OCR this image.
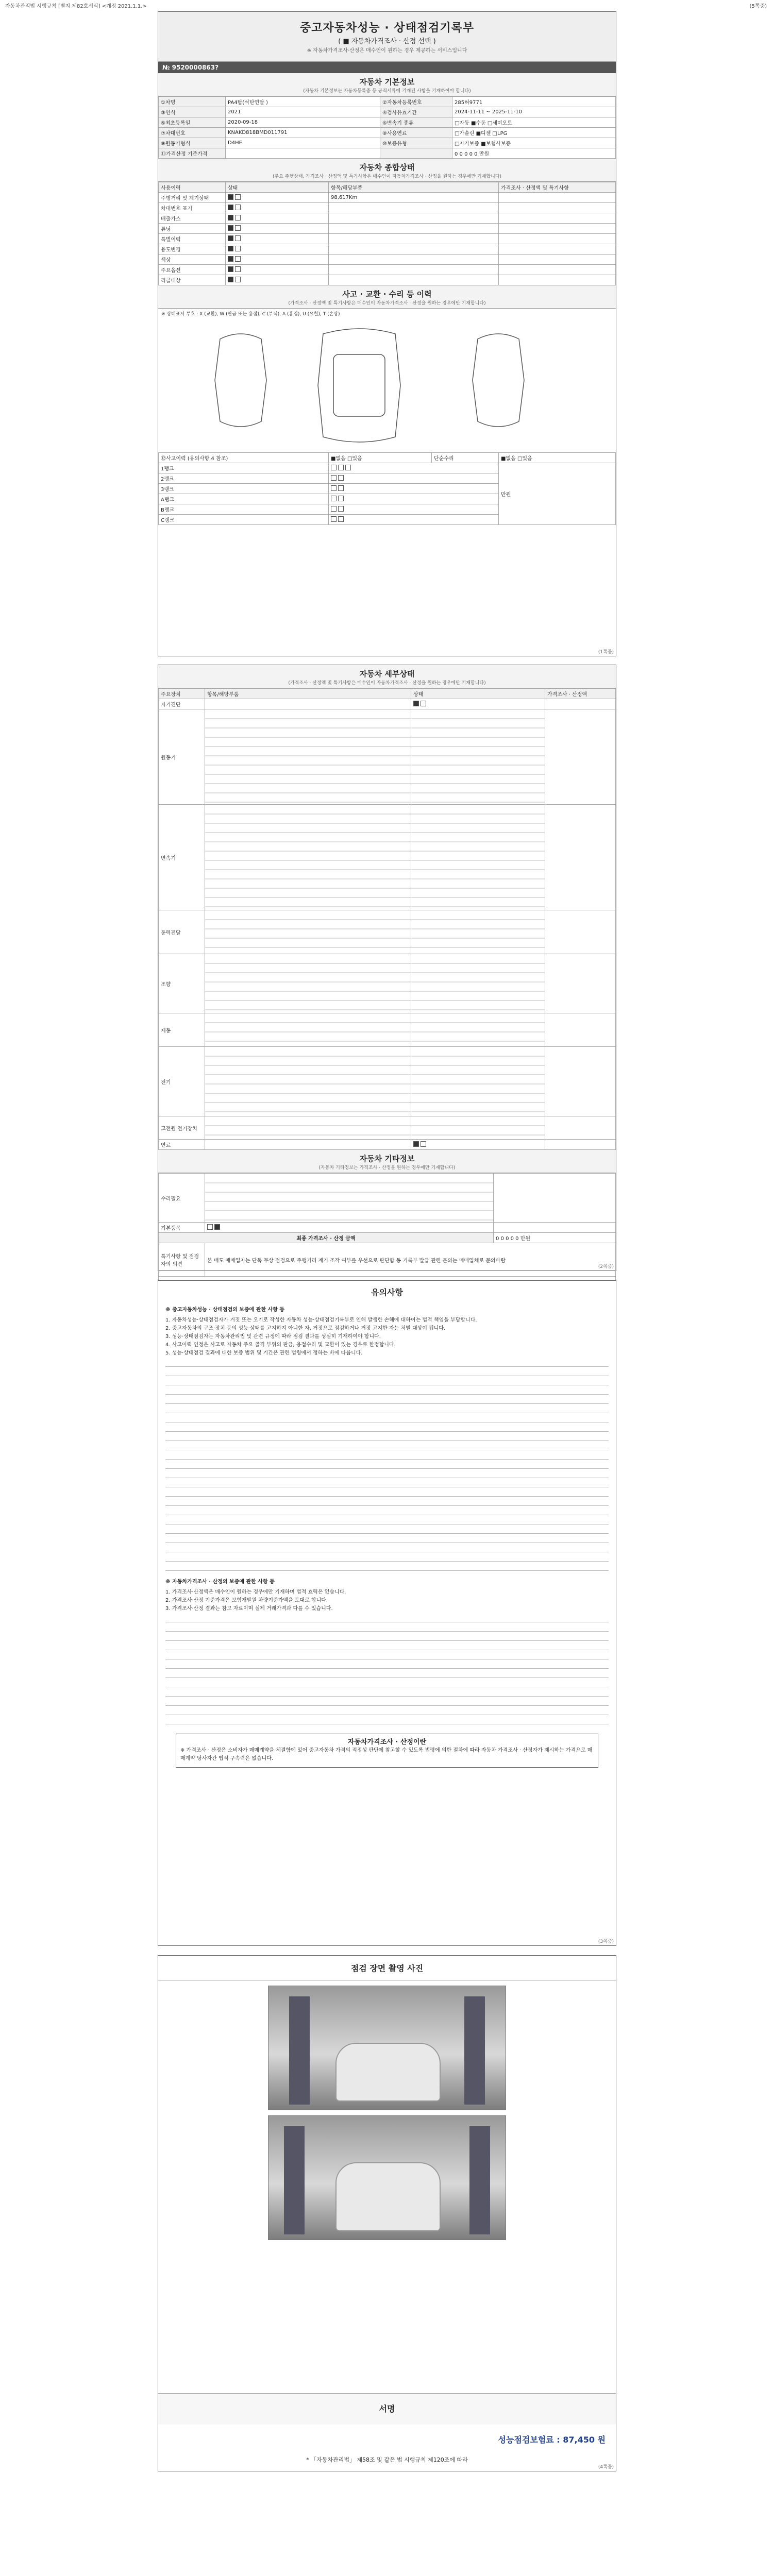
자동차관리법 시행규칙 [별지 제82호서식] <개정 2021.1.1.>	(5쪽중)
중고자동차성능 · 상태점검기록부
( ■ 자동차가격조사 · 산정 선택 )
※ 자동차가격조사·산정은 매수인이 원하는 경우 제공하는 서비스입니다
№ 9520000863?
자동차 기본정보
(자동차 기본정보는 자동차등록증 등 공적서류에 기재된 사항을 기재하여야 합니다)
①차명	PA4탑(석탄연달 )	②자동차등록번호	285허9771
③연식	2021	④검사유효기간	2024-11-11 ~ 2025-11-10
⑤최초등록일	2020-09-18	⑥변속기 종류	□자동 ■수동 □세미오토
⑦차대번호	KNAKD818BMD011791	⑧사용연료	□가솔린 ■디젤 □LPG
⑨원동기형식	D4HE	⑩보증유형	□자가보증 ■보험사보증
⑪가격산정 기준가격			0 0 0 0 0 만원
자동차 종합상태
(주요 주행상태, 가격조사 · 산정액 및 특기사항은 매수인이 자동차가격조사 · 산정을 원하는 경우에만 기재합니다)
사용이력	상태	항목/해당부품	가격조사 · 산정액 및 특기사항
주행거리 및 계기상태		98,617Km	
차대번호 표기			
배출가스			
튜닝			
특별이력			
용도변경			
색상			
주요옵션			
리콜대상			
사고 · 교환 · 수리 등 이력
(가격조사 · 산정액 및 특기사항은 매수인이 자동차가격조사 · 산정을 원하는 경우에만 기재합니다)
※ 상태표시 부호 : X (교환), W (판금 또는 용접), C (부식), A (흠집), U (요철), T (손상)
⑫사고이력 (유의사항 4 참조)	■없음 □있음	단순수리	■없음 □있음
1랭크			만원
2랭크			
3랭크			
A랭크			
B랭크			
C랭크			
(1쪽중)
자동차 세부상태
(가격조사 · 산정액 및 특기사항은 매수인이 자동차가격조사 · 산정을 원하는 경우에만 기재합니다)
주요장치	항목/해당부품	상태	가격조사 · 산정액
자기진단			
원동기			
변속기			
동력전달			
조향			
제동			
전기			
고전원 전기장치			
연료			
자동차 기타정보
(자동차 기타정보는 가격조사 · 산정을 원하는 경우에만 기재합니다)
수리필요		
기본품목		
최종 가격조사 · 산정 금액		0 0 0 0 0 만원
특기사항 및 점검자의 의견	본 매도 매매업자는 단독 무상 점검으로 주행거리 계기 조작 여부를 우선으로 판단함 동 기록부 발급 관련 문의는 매매업체로 문의바람	

(2쪽중)
유의사항
※ 중고자동차성능 · 상태점검의 보증에 관한 사항 등
1. 자동차성능·상태점검자가 거짓 또는 오기로 작성한 자동차 성능·상태점검기록부로 인해 발생한 손해에 대하여는 법적 책임을 부담합니다.
2. 중고자동차의 구조·장치 등의 성능·상태를 고지하지 아니한 자, 거짓으로 점검하거나 거짓 고지한 자는 처벌 대상이 됩니다.
3. 성능·상태점검자는 자동차관리법 및 관련 규정에 따라 점검 결과를 성실히 기재하여야 합니다.
4. 사고이력 인정은 사고로 자동차 주요 골격 부위의 판금, 용접수리 및 교환이 있는 경우로 한정합니다.
5. 성능·상태점검 결과에 대한 보증 범위 및 기간은 관련 법령에서 정하는 바에 따릅니다.
※ 자동차가격조사 · 산정의 보증에 관한 사항 등
1. 가격조사·산정액은 매수인이 원하는 경우에만 기재하며 법적 효력은 없습니다.
2. 가격조사·산정 기준가격은 보험개발원 차량기준가액을 토대로 합니다.
3. 가격조사·산정 결과는 참고 자료이며 실제 거래가격과 다를 수 있습니다.
자동차가격조사 · 산정이란
※ 가격조사 · 산정은 소비자가 매매계약을 체결함에 있어 중고자동차 가격의 적정성 판단에 참고할 수 있도록 법령에 의한 절차에 따라 자동차 가격조사 · 산정자가 제시하는 가격으로 매매계약 당사자간 법적 구속력은 없습니다.
(3쪽중)
점검 장면 촬영 사진
서명
성능점검보험료 : 87,450 원
* 「자동차관리법」 제58조 및 같은 법 시행규칙 제120조에 따라
(4쪽중)
